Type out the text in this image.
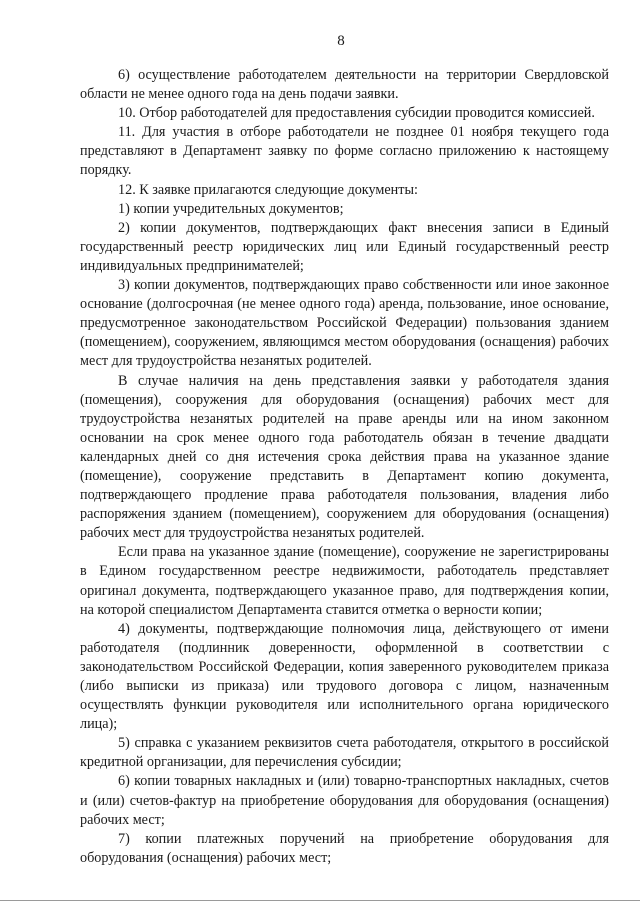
8

6) осуществление работодателем деятельности на территории Свердловской области не менее одного года на день подачи заявки.

10. Отбор работодателей для предоставления субсидии проводится комиссией.

11. Для участия в отборе работодатели не позднее 01 ноября текущего года представляют в Департамент заявку по форме согласно приложению к настоящему порядку.

12. К заявке прилагаются следующие документы:

1) копии учредительных документов;

2) копии документов, подтверждающих факт внесения записи в Единый государственный реестр юридических лиц или Единый государственный реестр индивидуальных предпринимателей;

3) копии документов, подтверждающих право собственности или иное законное основание (долгосрочная (не менее одного года) аренда, пользование, иное основание, предусмотренное законодательством Российской Федерации) пользования зданием (помещением), сооружением, являющимся местом оборудования (оснащения) рабочих мест для трудоустройства незанятых родителей.

В случае наличия на день представления заявки у работодателя здания (помещения), сооружения для оборудования (оснащения) рабочих мест для трудоустройства незанятых родителей на праве аренды или на ином законном основании на срок менее одного года работодатель обязан в течение двадцати календарных дней со дня истечения срока действия права на указанное здание (помещение), сооружение представить в Департамент копию документа, подтверждающего продление права работодателя пользования, владения либо распоряжения зданием (помещением), сооружением для оборудования (оснащения) рабочих мест для трудоустройства незанятых родителей.

Если права на указанное здание (помещение), сооружение не зарегистрированы в Едином государственном реестре недвижимости, работодатель представляет оригинал документа, подтверждающего указанное право, для подтверждения копии, на которой специалистом Департамента ставится отметка о верности копии;

4) документы, подтверждающие полномочия лица, действующего от имени работодателя (подлинник доверенности, оформленной в соответствии с законодательством Российской Федерации, копия заверенного руководителем приказа (либо выписки из приказа) или трудового договора с лицом, назначенным осуществлять функции руководителя или исполнительного органа юридического лица);

5) справка с указанием реквизитов счета работодателя, открытого в российской кредитной организации, для перечисления субсидии;

6) копии товарных накладных и (или) товарно-транспортных накладных, счетов и (или) счетов-фактур на приобретение оборудования для оборудования (оснащения) рабочих мест;

7) копии платежных поручений на приобретение оборудования для оборудования (оснащения) рабочих мест;
